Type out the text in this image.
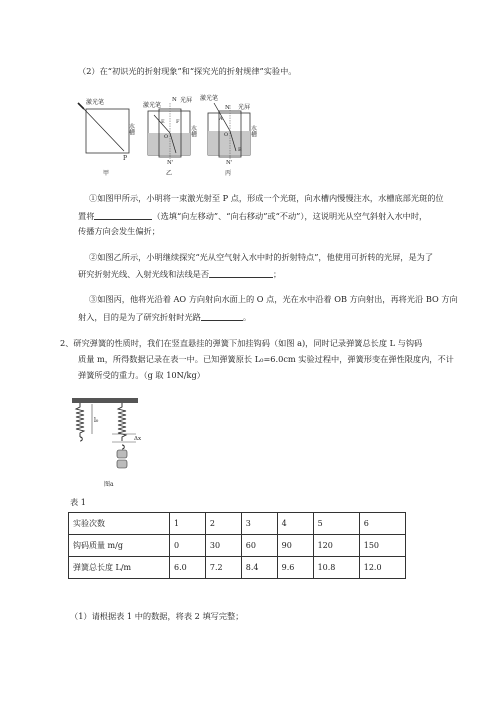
（2）在“初识光的折射现象”和“探究光的折射规律”实验中。
激光笔
水槽
P
甲
激光笔
光屏
N
O
E F
水槽
N'
乙
激光笔
光屏
N
A
O
B
水槽
N'
丙
①如图甲所示，小明将一束激光射至 P 点，形成一个光斑，向水槽内慢慢注水，水槽底部光斑的位
置将	（选填“向左移动”、“向右移动”或“不动”），这说明光从空气斜射入水中时，
传播方向会发生偏折；
②如图乙所示，小明继续探究“光从空气射入水中时的折射特点”，他使用可折转的光屏，是为了
研究折射光线、入射光线和法线是否	；
③如图丙，他将光沿着 AO 方向射向水面上的 O 点，光在水中沿着 OB 方向射出，再将光沿 BO 方向
射入，目的是为了研究折射时光路	。
2、研究弹簧的性质时，我们在竖直悬挂的弹簧下加挂钩码（如图 a)，同时记录弹簧总长度 L 与钩码
质量 m，所得数据记录在表一中。已知弹簧原长 L₀=6.0cm 实验过程中，弹簧形变在弹性限度内，不计
弹簧所受的重力。（g 取 10N/kg）
l₀
Δx
图a
表 1
实验次数	1	2	3	4	5	6
钩码质量 m/g	0	30	60	90	120	150
弹簧总长度 L/m	6.0	7.2	8.4	9.6	10.8	12.0
（1）请根据表 1 中的数据，将表 2 填写完整；
